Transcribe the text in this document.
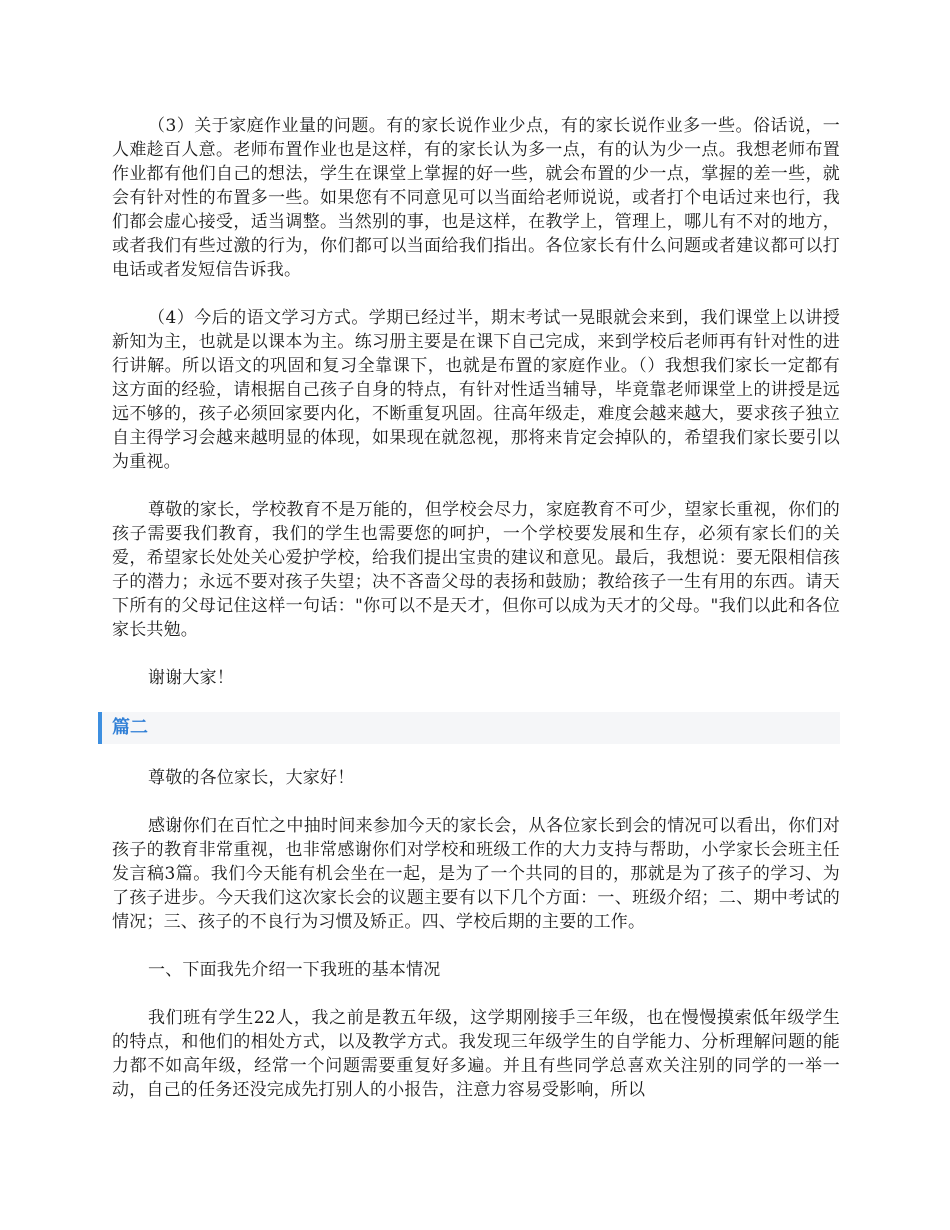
（3）关于家庭作业量的问题。有的家长说作业少点，有的家长说作业多一些。俗话说，一人难趁百人意。老师布置作业也是这样，有的家长认为多一点，有的认为少一点。我想老师布置作业都有他们自己的想法，学生在课堂上掌握的好一些，就会布置的少一点，掌握的差一些，就会有针对性的布置多一些。如果您有不同意见可以当面给老师说说，或者打个电话过来也行，我们都会虚心接受，适当调整。当然别的事，也是这样，在教学上，管理上，哪儿有不对的地方，或者我们有些过激的行为，你们都可以当面给我们指出。各位家长有什么问题或者建议都可以打电话或者发短信告诉我。

（4）今后的语文学习方式。学期已经过半，期末考试一晃眼就会来到，我们课堂上以讲授新知为主，也就是以课本为主。练习册主要是在课下自己完成，来到学校后老师再有针对性的进行讲解。所以语文的巩固和复习全靠课下，也就是布置的家庭作业。（）我想我们家长一定都有这方面的经验，请根据自己孩子自身的特点，有针对性适当辅导，毕竟靠老师课堂上的讲授是远远不够的，孩子必须回家要内化，不断重复巩固。往高年级走，难度会越来越大，要求孩子独立自主得学习会越来越明显的体现，如果现在就忽视，那将来肯定会掉队的，希望我们家长要引以为重视。

尊敬的家长，学校教育不是万能的，但学校会尽力，家庭教育不可少，望家长重视，你们的孩子需要我们教育，我们的学生也需要您的呵护，一个学校要发展和生存，必须有家长们的关爱，希望家长处处关心爱护学校，给我们提出宝贵的建议和意见。最后，我想说：要无限相信孩子的潜力；永远不要对孩子失望；决不吝啬父母的表扬和鼓励；教给孩子一生有用的东西。请天下所有的父母记住这样一句话："你可以不是天才，但你可以成为天才的父母。"我们以此和各位家长共勉。

谢谢大家！

篇二

尊敬的各位家长，大家好！

感谢你们在百忙之中抽时间来参加今天的家长会，从各位家长到会的情况可以看出，你们对孩子的教育非常重视，也非常感谢你们对学校和班级工作的大力支持与帮助，小学家长会班主任发言稿3篇。我们今天能有机会坐在一起，是为了一个共同的目的，那就是为了孩子的学习、为了孩子进步。今天我们这次家长会的议题主要有以下几个方面：一、班级介绍；二、期中考试的情况；三、孩子的不良行为习惯及矫正。四、学校后期的主要的工作。

一、下面我先介绍一下我班的基本情况

我们班有学生22人，我之前是教五年级，这学期刚接手三年级，也在慢慢摸索低年级学生的特点，和他们的相处方式，以及教学方式。我发现三年级学生的自学能力、分析理解问题的能力都不如高年级，经常一个问题需要重复好多遍。并且有些同学总喜欢关注别的同学的一举一动，自己的任务还没完成先打别人的小报告，注意力容易受影响，所以
